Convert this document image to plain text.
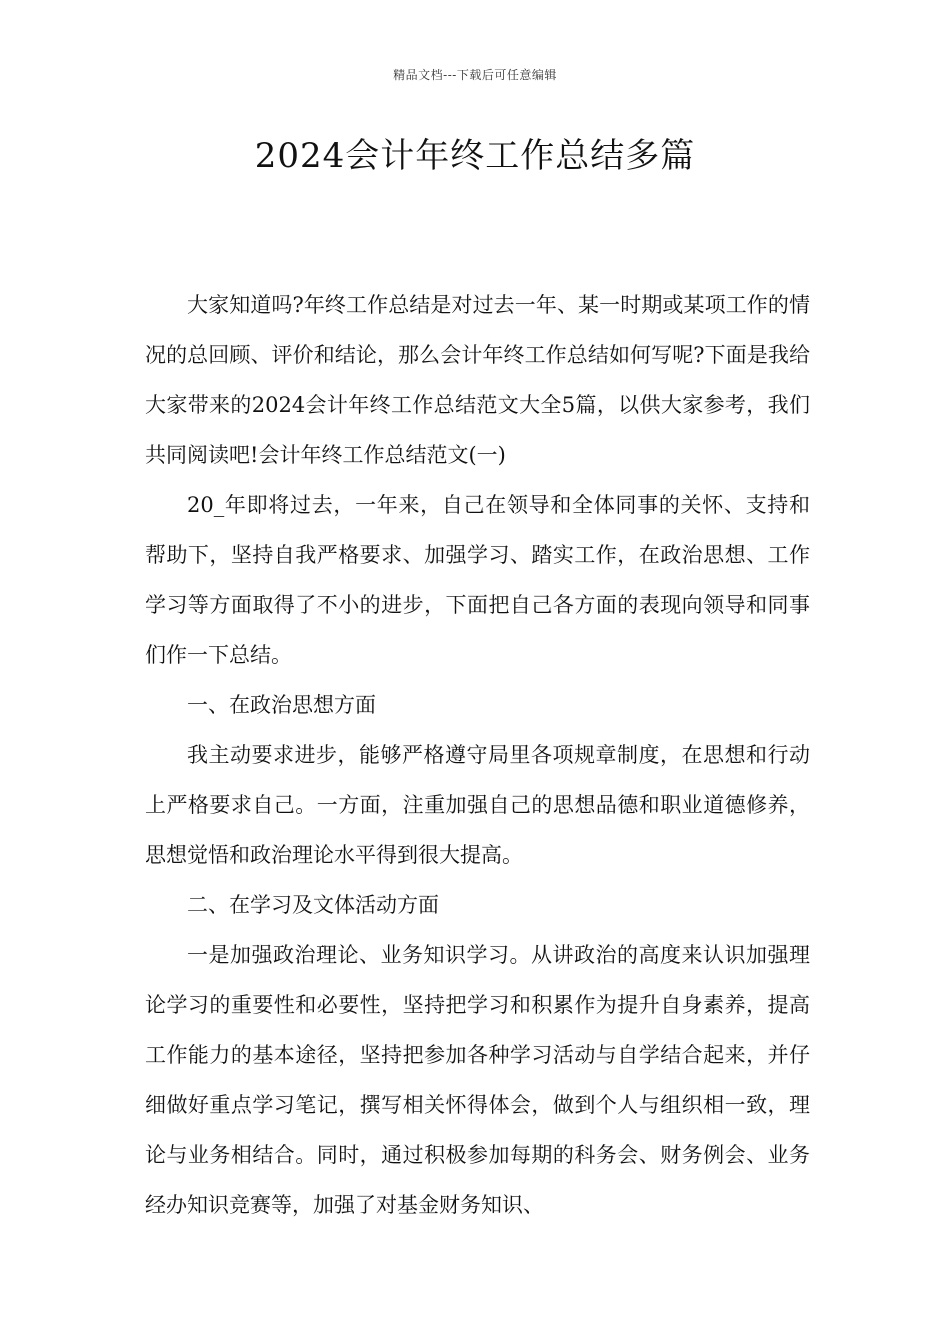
精品文档---下载后可任意编辑
2024会计年终工作总结多篇

大家知道吗?年终工作总结是对过去一年、某一时期或某项工作的情况的总回顾、评价和结论，那么会计年终工作总结如何写呢?下面是我给大家带来的2024会计年终工作总结范文大全5篇，以供大家参考，我们共同阅读吧!会计年终工作总结范文(一)

20_年即将过去，一年来，自己在领导和全体同事的关怀、支持和帮助下，坚持自我严格要求、加强学习、踏实工作，在政治思想、工作学习等方面取得了不小的进步，下面把自己各方面的表现向领导和同事们作一下总结。

一、在政治思想方面

我主动要求进步，能够严格遵守局里各项规章制度，在思想和行动上严格要求自己。一方面，注重加强自己的思想品德和职业道德修养，思想觉悟和政治理论水平得到很大提高。

二、在学习及文体活动方面

一是加强政治理论、业务知识学习。从讲政治的高度来认识加强理论学习的重要性和必要性，坚持把学习和积累作为提升自身素养，提高工作能力的基本途径，坚持把参加各种学习活动与自学结合起来，并仔细做好重点学习笔记，撰写相关怀得体会，做到个人与组织相一致，理论与业务相结合。同时，通过积极参加每期的科务会、财务例会、业务经办知识竞赛等，加强了对基金财务知识、
